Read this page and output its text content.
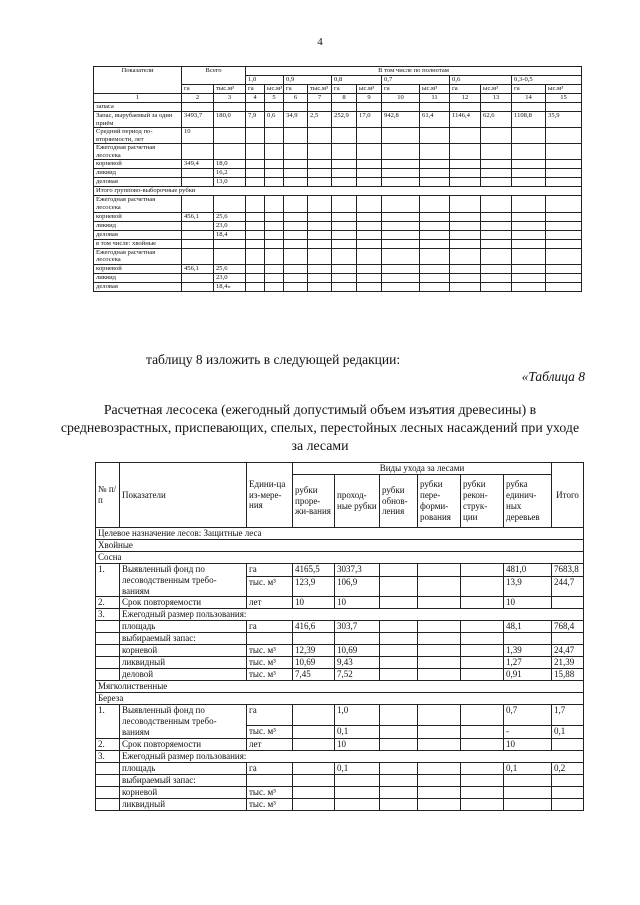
4
Показатели	Всего		В том числе по полнотам											
			1,0		0,9		0,8		0,7		0,6		0,3-0,5	
	га	тыс.м³	га	ыс.м³	га	тыс.м³	га	ыс.м³	га	ыс.м³	га	ыс.м³	га	ыс.м³
1	2	3	4	5	6	7	8	9	10	11	12	13	14	15
запаса														
Запас, вырубаемый за один приём	3493,7	180,0	7,9	0,6	34,9	2,5	252,9	17,0	942,8	61,4	1146,4	62,6	1108,8	35,9
Средний период по-вторяемости, лет	10													
Ежегодная расчетная лесосека														
корневой	349,4	18,0												
ликвид		16,2												
деловая		13,0												
Итого группово-выборочные рубки														
Ежегодная расчетная лесосека														
корневой	456,1	25,6												
ликвид		23,0												
деловая		18,4												
в том числе: хвойные														
Ежегодная расчетная лесосека														
корневой	456,1	25,6												
ликвид		23,0												
деловая		18,4»												
таблицу 8 изложить в следующей редакции:
«Таблица 8
Расчетная лесосека (ежегодный допустимый объем изъятия древесины) в средневозрастных, приспевающих, спелых, перестойных лесных насаждений при уходе за лесами
№ п/п	Показатели	Едини-ца из-мере-ния	Виды ухода за лесами						Итого
			рубки прорe-жи-вания	проход-ные рубки	рубки обнов-ления	рубки пере-форми-рования	рубки рекон-струк-ции	рубка единич-ных деревьев	
Целевое назначение лесов: Защитные леса									
Хвойные									
Сосна									
1.	Выявленный фонд по лесоводственным требо-ваниям	га	4165,5	3037,3				481,0	7683,8
		тыс. м³	123,9	106,9				13,9	244,7
2.	Срок повторяемости	лет	10	10				10	
3.	Ежегодный размер пользования:								
	площадь	га	416,6	303,7				48,1	768,4
	выбираемый запас:								
	корневой	тыс. м³	12,39	10,69				1,39	24,47
	ликвидный	тыс. м³	10,69	9,43				1,27	21,39
	деловой	тыс. м³	7,45	7,52				0,91	15,88
Мягколиственные									
Береза									
1.	Выявленный фонд по лесоводственным требо-ваниям	га		1,0				0,7	1,7
		тыс. м³		0,1				-	0,1
2.	Срок повторяемости	лет		10				10	
3.	Ежегодный размер пользования:								
	площадь	га		0,1				0,1	0,2
	выбираемый запас:								
	корневой	тыс. м³							
	ликвидный	тыс. м³							
